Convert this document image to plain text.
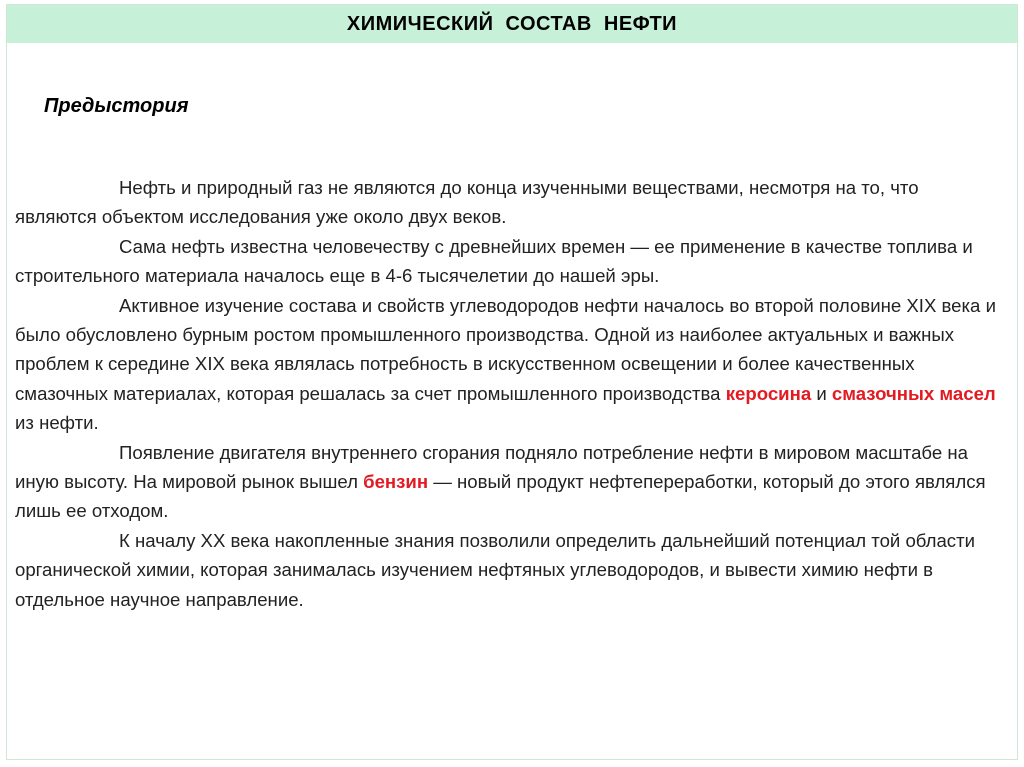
ХИМИЧЕСКИЙ СОСТАВ НЕФТИ
Предыстория

Нефть и природный газ не являются до конца изученными веществами, несмотря на то, что являются объектом исследования уже около двух веков.

Сама нефть известна человечеству с древнейших времен — ее применение в качестве топлива и строительного материала началось еще в 4-6 тысячелетии до нашей эры.

Активное изучение состава и свойств углеводородов нефти началось во второй половине XIX века и было обусловлено бурным ростом промышленного производства. Одной из наиболее актуальных и важных проблем к середине XIX века являлась потребность в искусственном освещении и более качественных смазочных материалах, которая решалась за счет промышленного производства керосина и смазочных масел из нефти.

Появление двигателя внутреннего сгорания подняло потребление нефти в мировом масштабе на иную высоту. На мировой рынок вышел бензин — новый продукт нефтепереработки, который до этого являлся лишь ее отходом.

К началу XX века накопленные знания позволили определить дальнейший потенциал той области органической химии, которая занималась изучением нефтяных углеводородов, и вывести химию нефти в отдельное научное направление.
